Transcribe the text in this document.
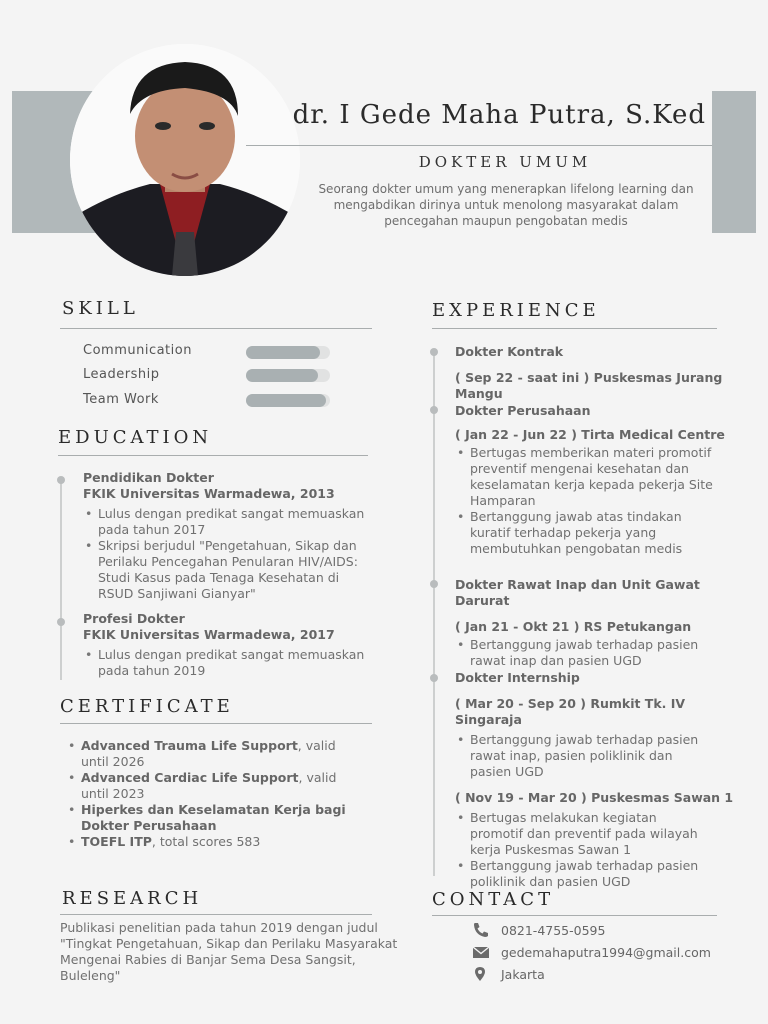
dr. I Gede Maha Putra, S.Ked
DOKTER UMUM
Seorang dokter umum yang menerapkan lifelong learning dan mengabdikan dirinya untuk menolong masyarakat dalam pencegahan maupun pengobatan medis
SKILL
Communication
Leadership
Team Work
EDUCATION
Pendidikan Dokter
FKIK Universitas Warmadewa, 2013
• Lulus dengan predikat sangat memuaskan pada tahun 2017
• Skripsi berjudul "Pengetahuan, Sikap dan Perilaku Pencegahan Penularan HIV/AIDS: Studi Kasus pada Tenaga Kesehatan di RSUD Sanjiwani Gianyar"
Profesi Dokter
FKIK Universitas Warmadewa, 2017
• Lulus dengan predikat sangat memuaskan pada tahun 2019
CERTIFICATE
• Advanced Trauma Life Support, valid until 2026
• Advanced Cardiac Life Support, valid until 2023
• Hiperkes dan Keselamatan Kerja bagi Dokter Perusahaan
• TOEFL ITP, total scores 583
RESEARCH
Publikasi penelitian pada tahun 2019 dengan judul "Tingkat Pengetahuan, Sikap dan Perilaku Masyarakat Mengenai Rabies di Banjar Sema Desa Sangsit, Buleleng"
EXPERIENCE
Dokter Kontrak
( Sep 22 - saat ini ) Puskesmas Jurang Mangu
Dokter Perusahaan
( Jan 22 - Jun 22 ) Tirta Medical Centre
• Bertugas memberikan materi promotif preventif mengenai kesehatan dan keselamatan kerja kepada pekerja Site Hamparan
• Bertanggung jawab atas tindakan kuratif terhadap pekerja yang membutuhkan pengobatan medis
Dokter Rawat Inap dan Unit Gawat Darurat
( Jan 21 - Okt 21 ) RS Petukangan
• Bertanggung jawab terhadap pasien rawat inap dan pasien UGD
Dokter Internship
( Mar 20 - Sep 20 ) Rumkit Tk. IV Singaraja
• Bertanggung jawab terhadap pasien rawat inap, pasien poliklinik dan pasien UGD
( Nov 19 - Mar 20 ) Puskesmas Sawan 1
• Bertugas melakukan kegiatan promotif dan preventif pada wilayah kerja Puskesmas Sawan 1
• Bertanggung jawab terhadap pasien poliklinik dan pasien UGD
CONTACT
0821-4755-0595
gedemahaputra1994@gmail.com
Jakarta
